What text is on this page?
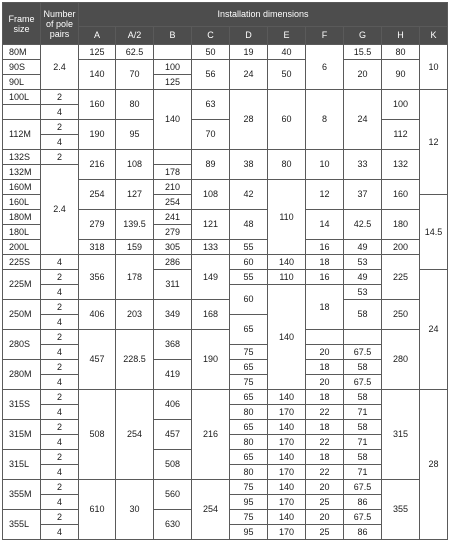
Frame size	Number of pole pairs	Installation dimensions									
		A	A/2	B	C	D	E	F	G	H	K
80M	2.4	125	62.5		50	19	40	6	15.5	80	10
90S		140	70	100	56	24	50		20	90	
90L				125							
100L	2	160	80	140	63	28	60	8	24	100	12
	4										
112M	2	190	95		70					112	
	4										
132S	2	216	108		89	38	80	10	33	132	
132M	2.4			178							
160M		254	127	210	108	42	110	12	37	160	
160L				254							14.5
180M		279	139.5	241	121	48		14	42.5	180	
180L				279							
200L		318	159	305	133	55		16	49	200	
225S	4	356	178	286	149	60	140	18	53	225	
225M	2			311		55	110	16	49		24
	4					60	140	18	53		
250M	2	406	203	349	168				58	250	
	4					65					
280S	2	457	228.5	368	190					280	
	4					75		20	67.5		
280M	2			419		65		18	58		
	4					75		20	67.5		
315S	2	508	254	406	216	65	140	18	58	315	28
	4					80	170	22	71		
315M	2			457		65	140	18	58		
	4					80	170	22	71		
315L	2			508		65	140	18	58		
	4					80	170	22	71		
355M	2	610	30	560	254	75	140	20	67.5	355	
	4					95	170	25	86		
355L	2			630		75	140	20	67.5		
	4					95	170	25	86		
